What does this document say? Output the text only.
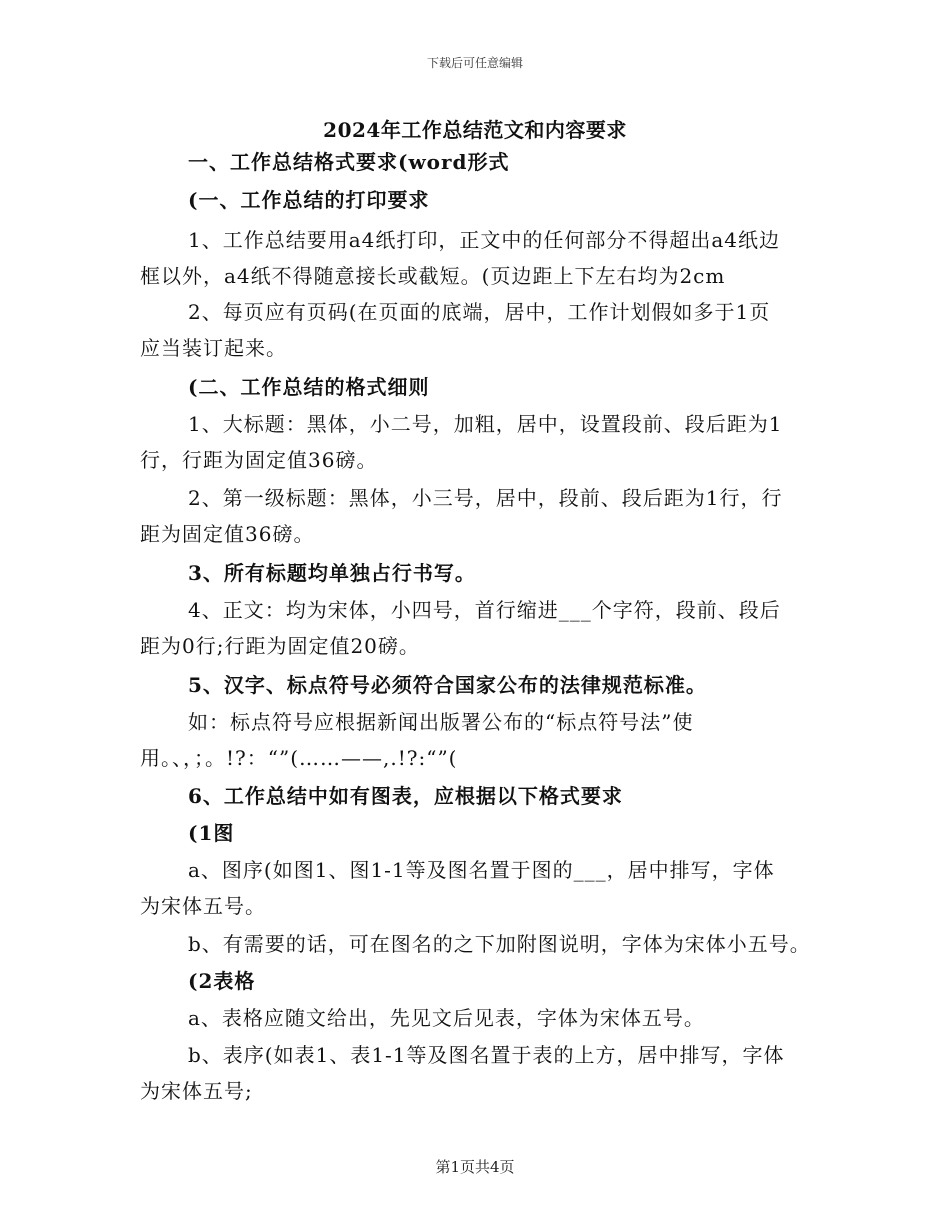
下载后可任意编辑
2024年工作总结范文和内容要求
一、工作总结格式要求(word形式
(一、工作总结的打印要求
1、工作总结要用a4纸打印，正文中的任何部分不得超出a4纸边
框以外，a4纸不得随意接长或截短。(页边距上下左右均为2cm
2、每页应有页码(在页面的底端，居中，工作计划假如多于1页
应当装订起来。
(二、工作总结的格式细则
1、大标题：黑体，小二号，加粗，居中，设置段前、段后距为1
行，行距为固定值36磅。
2、第一级标题：黑体，小三号，居中，段前、段后距为1行，行
距为固定值36磅。
3、所有标题均单独占行书写。
4、正文：均为宋体，小四号，首行缩进___个字符，段前、段后
距为0行;行距为固定值20磅。
5、汉字、标点符号必须符合国家公布的法律规范标准。
如：标点符号应根据新闻出版署公布的“标点符号法”使
用。、，；。!?：“”(……——,.!?:“”(
6、工作总结中如有图表，应根据以下格式要求
(1图
a、图序(如图1、图1-1等及图名置于图的___，居中排写，字体
为宋体五号。
b、有需要的话，可在图名的之下加附图说明，字体为宋体小五号。
(2表格
a、表格应随文给出，先见文后见表，字体为宋体五号。
b、表序(如表1、表1-1等及图名置于表的上方，居中排写，字体
为宋体五号;
第1页共4页
